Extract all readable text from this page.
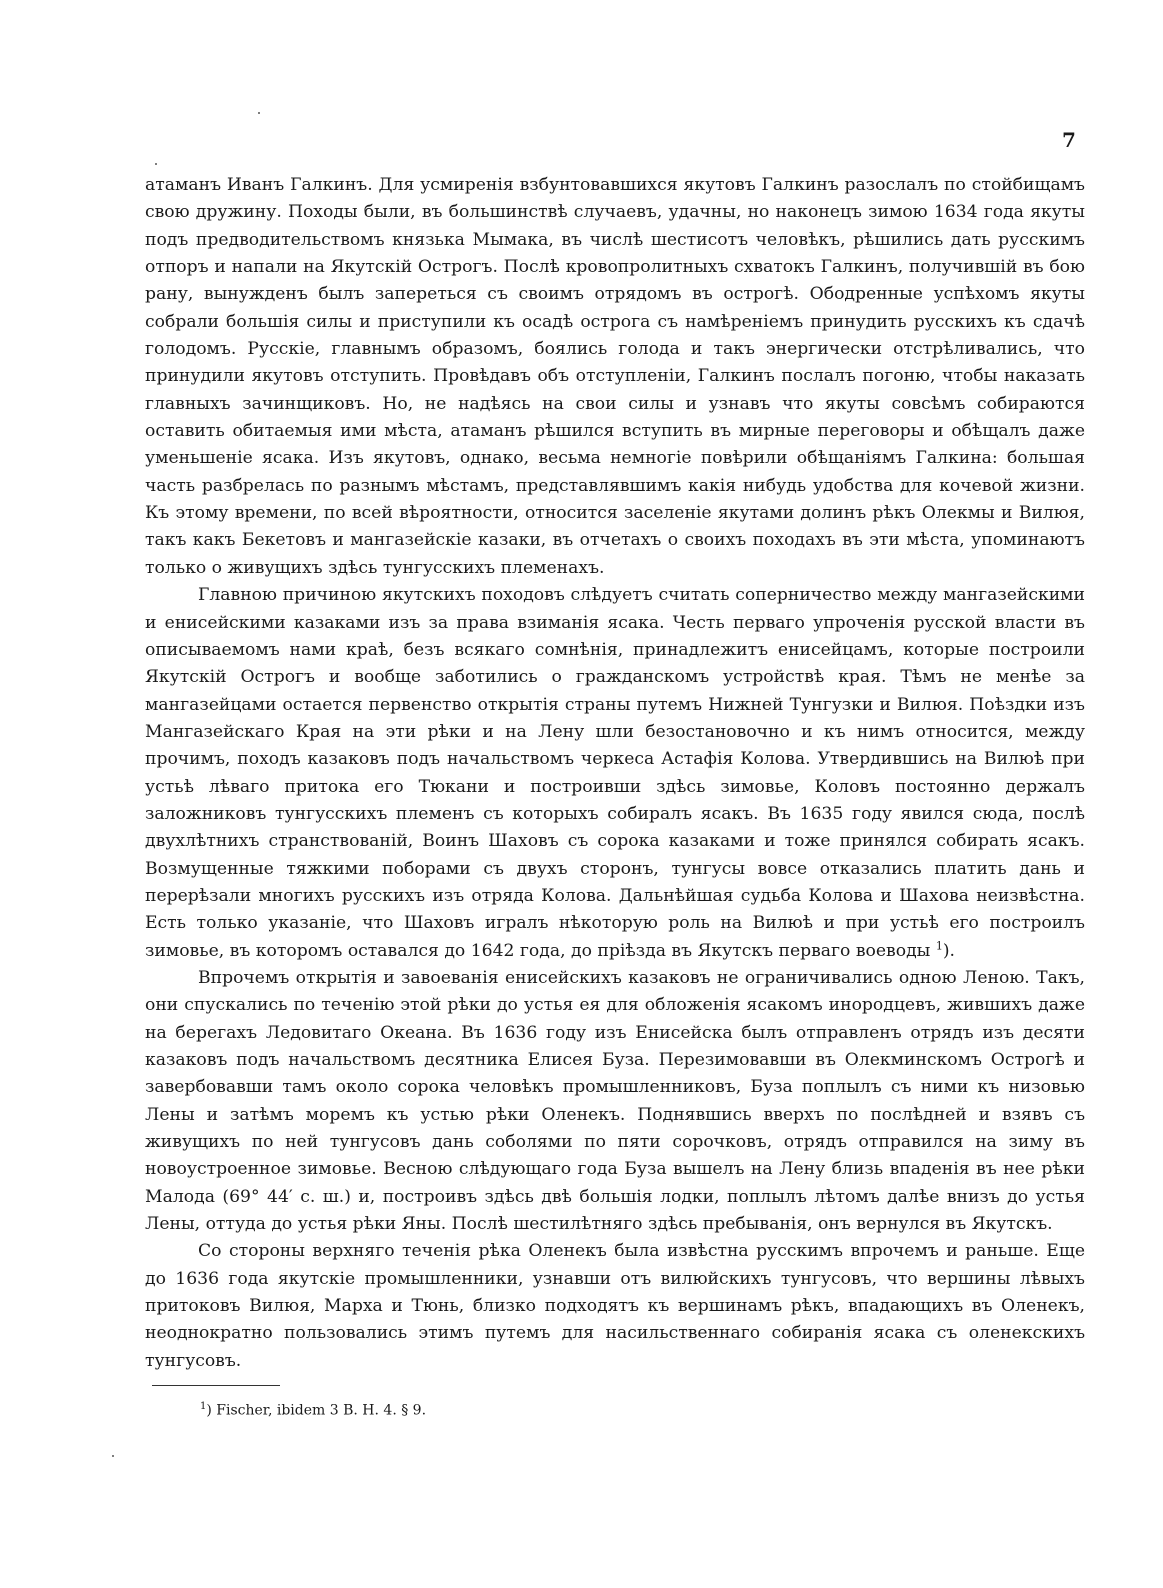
7

атаманъ Иванъ Галкинъ. Для усмиренія взбунтовавшихся якутовъ Галкинъ разослалъ по стойбищамъ свою дружину. Походы были, въ большинствѣ случаевъ, удачны, но наконецъ зимою 1634 года якуты подъ предводительствомъ князька Мымака, въ числѣ шестисотъ человѣкъ, рѣшились дать русскимъ отпоръ и напали на Якутскій Острогъ. Послѣ кровопролитныхъ схватокъ Галкинъ, получившій въ бою рану, вынужденъ былъ запереться съ своимъ отрядомъ въ острогѣ. Ободренные успѣхомъ якуты собрали большія силы и приступили къ осадѣ острога съ намѣреніемъ принудить русскихъ къ сдачѣ голодомъ. Русскіе, главнымъ образомъ, боялись голода и такъ энергически отстрѣливались, что принудили якутовъ отступить. Провѣдавъ объ отступленіи, Галкинъ послалъ погоню, чтобы наказать главныхъ зачинщиковъ. Но, не надѣясь на свои силы и узнавъ что якуты совсѣмъ собираются оставить обитаемыя ими мѣста, атаманъ рѣшился вступить въ мирные переговоры и обѣщалъ даже уменьшеніе ясака. Изъ якутовъ, однако, весьма немногіе повѣрили обѣщаніямъ Галкина: большая часть разбрелась по разнымъ мѣстамъ, представлявшимъ какія нибудь удобства для кочевой жизни. Къ этому времени, по всей вѣроятности, относится заселеніе якутами долинъ рѣкъ Олекмы и Вилюя, такъ какъ Бекетовъ и мангазейскіе казаки, въ отчетахъ о своихъ походахъ въ эти мѣста, упоминаютъ только о живущихъ здѣсь тунгусскихъ племенахъ.

Главною причиною якутскихъ походовъ слѣдуетъ считать соперничество между мангазейскими и енисейскими казаками изъ за права взиманія ясака. Честь перваго упроченія русской власти въ описываемомъ нами краѣ, безъ всякаго сомнѣнія, принадлежитъ енисейцамъ, которые построили Якутскій Острогъ и вообще заботились о гражданскомъ устройствѣ края. Тѣмъ не менѣе за мангазейцами остается первенство открытія страны путемъ Нижней Тунгузки и Вилюя. Поѣздки изъ Мангазейскаго Края на эти рѣки и на Лену шли безостановочно и къ нимъ относится, между прочимъ, походъ казаковъ подъ начальствомъ черкеса Астафія Колова. Утвердившись на Вилюѣ при устьѣ лѣваго притока его Тюкани и построивши здѣсь зимовье, Коловъ постоянно держалъ заложниковъ тунгусскихъ племенъ съ которыхъ собиралъ ясакъ. Въ 1635 году явился сюда, послѣ двухлѣтнихъ странствованій, Воинъ Шаховъ съ сорока казаками и тоже принялся собирать ясакъ. Возмущенные тяжкими поборами съ двухъ сторонъ, тунгусы вовсе отказались платить дань и перерѣзали многихъ русскихъ изъ отряда Колова. Дальнѣйшая судьба Колова и Шахова неизвѣстна. Есть только указаніе, что Шаховъ игралъ нѣкоторую роль на Вилюѣ и при устьѣ его построилъ зимовье, въ которомъ оставался до 1642 года, до пріѣзда въ Якутскъ перваго воеводы $^1$).

Впрочемъ открытія и завоеванія енисейскихъ казаковъ не ограничивались одною Леною. Такъ, они спускались по теченію этой рѣки до устья ея для обложенія ясакомъ инородцевъ, жившихъ даже на берегахъ Ледовитаго Океана. Въ 1636 году изъ Енисейска былъ отправленъ отрядъ изъ десяти казаковъ подъ начальствомъ десятника Елисея Буза. Перезимовавши въ Олекминскомъ Острогѣ и завербовавши тамъ около сорока человѣкъ промышленниковъ, Буза поплылъ съ ними къ низовью Лены и затѣмъ моремъ къ устью рѣки Оленекъ. Поднявшись вверхъ по послѣдней и взявъ съ живущихъ по ней тунгусовъ дань соболями по пяти сорочковъ, отрядъ отправился на зиму въ новоустроенное зимовье. Весною слѣдующаго года Буза вышелъ на Лену близь впаденія въ нее рѣки Малода (69° 44′ с. ш.) и, построивъ здѣсь двѣ большія лодки, поплылъ лѣтомъ далѣе внизъ до устья Лены, оттуда до устья рѣки Яны. Послѣ шестилѣтняго здѣсь пребыванія, онъ вернулся въ Якутскъ.

Со стороны верхняго теченія рѣка Оленекъ была извѣстна русскимъ впрочемъ и раньше. Еще до 1636 года якутскіе промышленники, узнавши отъ вилюйскихъ тунгусовъ, что вершины лѣвыхъ притоковъ Вилюя, Марха и Тюнь, близко подходятъ къ вершинамъ рѣкъ, впадающихъ въ Оленекъ, неоднократно пользовались этимъ путемъ для насильственнаго собиранія ясака съ оленекскихъ тунгусовъ.

$^1$) Fischer, ibidem 3 B. H. 4. § 9.
